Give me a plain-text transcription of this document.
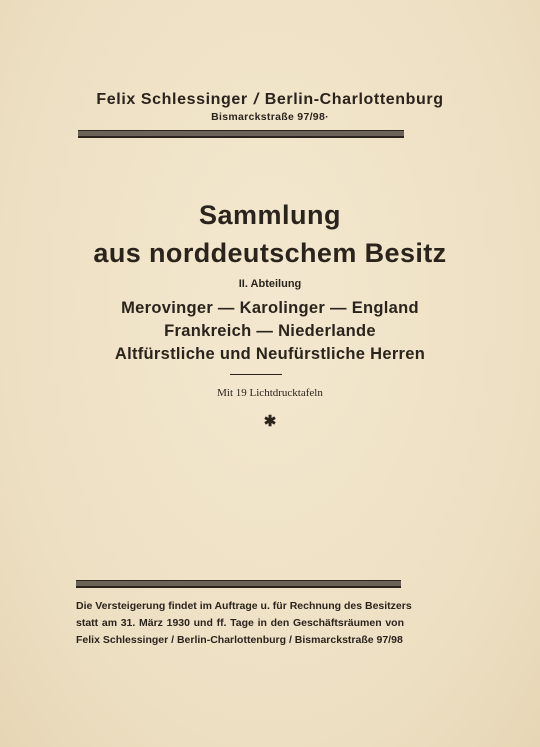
Felix Schlessinger / Berlin-Charlottenburg
Bismarckstraße 97/98·
Sammlung
aus norddeutschem Besitz
II. Abteilung
Merovinger — Karolinger — England
Frankreich — Niederlande
Altfürstliche und Neufürstliche Herren
Mit 19 Lichtdrucktafeln
✱
Die Versteigerung findet im Auftrage u. für Rechnung des Besitzers
statt am 31. März 1930 und ff. Tage in den Geschäftsräumen von
Felix Schlessinger / Berlin-Charlottenburg / Bismarckstraße 97/98
